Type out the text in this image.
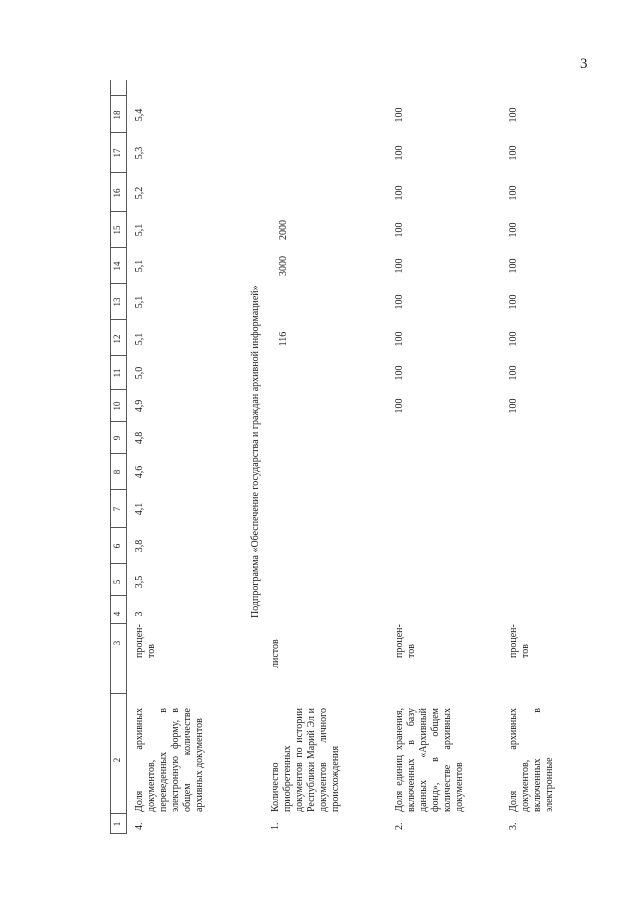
3
1
2
3
4
5
6
7
8
9
10
11
12
13
14
15
16
17
18
4.
Доля архивных документов, переведенных в электронную форму, в общем количестве архивных документов
процен-тов
3
3,5
3,8
4,1
4,6
4,8
4,9
5,0
5,1
5,1
5,1
5,1
5,2
5,3
5,4
Подпрограмма «Обеспечение государства и граждан архивной информацией»
1.
Количество приобретенных документов по истории Республики Марий Эл и документов личного происхождения
листов
116
3000
2000
2.
Доля единиц хранения, включенных в базу данных «Архивный фонд», в общем количестве архивных документов
процен-тов
100
100
100
100
100
100
100
100
100
3.
Доля архивных документов, включенных в электронные
процен-тов
100
100
100
100
100
100
100
100
100
